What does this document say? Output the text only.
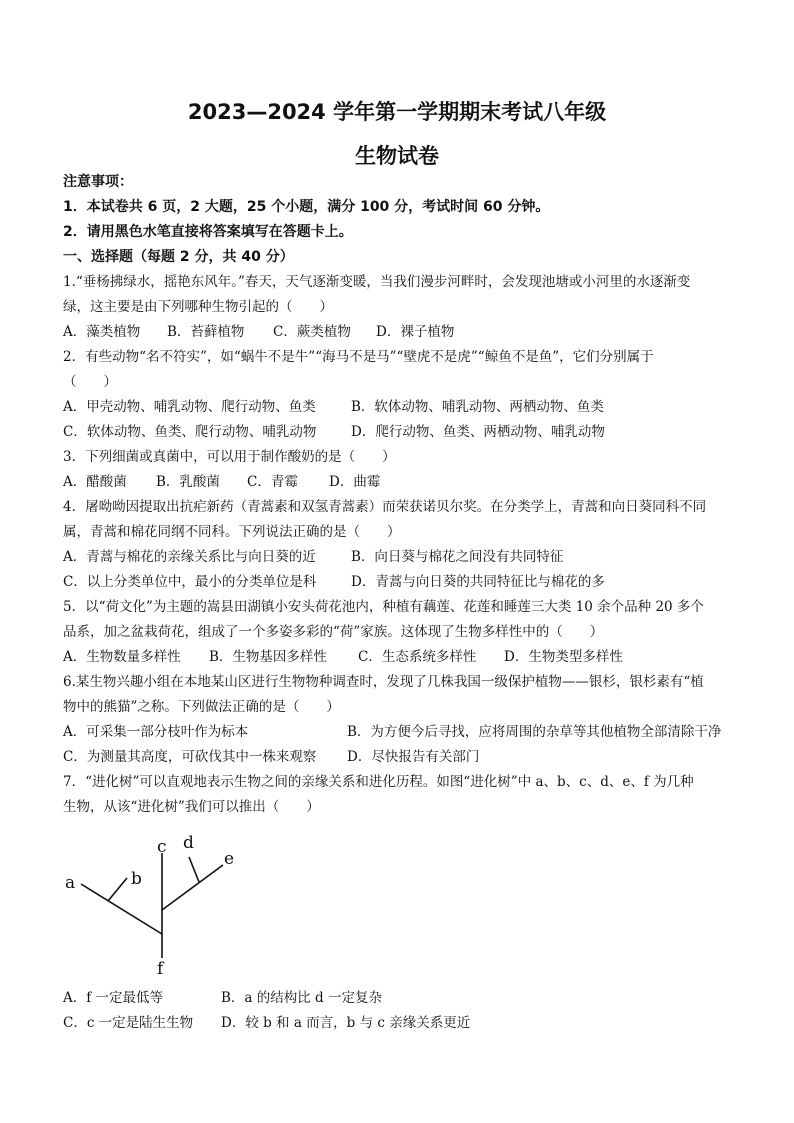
2023—2024 学年第一学期期末考试八年级
生物试卷
注意事项：
1．本试卷共 6 页，2 大题，25 个小题，满分 100 分，考试时间 60 分钟。
2．请用黑色水笔直接将答案填写在答题卡上。
一、选择题（每题 2 分，共 40 分）
1.“垂杨拂绿水，摇艳东风年。”春天，天气逐渐变暖，当我们漫步河畔时，会发现池塘或小河里的水逐渐变
绿，这主要是由下列哪种生物引起的（　　）
A．藻类植物 B．苔藓植物 C．蕨类植物 D．裸子植物
2．有些动物“名不符实”，如“蜗牛不是牛”“海马不是马”“壁虎不是虎”“鲸鱼不是鱼”，它们分别属于
（　　）
A．甲壳动物、哺乳动物、爬行动物、鱼类	B．软体动物、哺乳动物、两栖动物、鱼类
C．软体动物、鱼类、爬行动物、哺乳动物	D．爬行动物、鱼类、两栖动物、哺乳动物
3．下列细菌或真菌中，可以用于制作酸奶的是（　　）
A．醋酸菌 B．乳酸菌 C．青霉 D．曲霉
4．屠呦呦因提取出抗疟新药（青蒿素和双氢青蒿素）而荣获诺贝尔奖。在分类学上，青蒿和向日葵同科不同
属，青蒿和棉花同纲不同科。下列说法正确的是（　　）
A．青蒿与棉花的亲缘关系比与向日葵的近	B．向日葵与棉花之间没有共同特征
C．以上分类单位中，最小的分类单位是科	D．青蒿与向日葵的共同特征比与棉花的多
5．以“荷文化”为主题的嵩县田湖镇小安头荷花池内，种植有藕莲、花莲和睡莲三大类 10 余个品种 20 多个
品系，加之盆栽荷花，组成了一个多姿多彩的“荷”家族。这体现了生物多样性中的（　　）
A．生物数量多样性 B．生物基因多样性 C．生态系统多样性 D．生物类型多样性
6.某生物兴趣小组在本地某山区进行生物物种调查时，发现了几株我国一级保护植物——银杉，银杉素有“植
物中的熊猫”之称。下列做法正确的是（　　）
A．可采集一部分枝叶作为标本	B．为方便今后寻找，应将周围的杂草等其他植物全部清除干净
C．为测量其高度，可砍伐其中一株来观察 D．尽快报告有关部门
7．“进化树”可以直观地表示生物之间的亲缘关系和进化历程。如图“进化树”中 a、b、c、d、e、f 为几种
生物，从该“进化树”我们可以推出（　　）
a	b
c d
e
f
A．f 一定最低等	B．a 的结构比 d 一定复杂
C．c 一定是陆生生物 D．较 b 和 a 而言，b 与 c 亲缘关系更近
